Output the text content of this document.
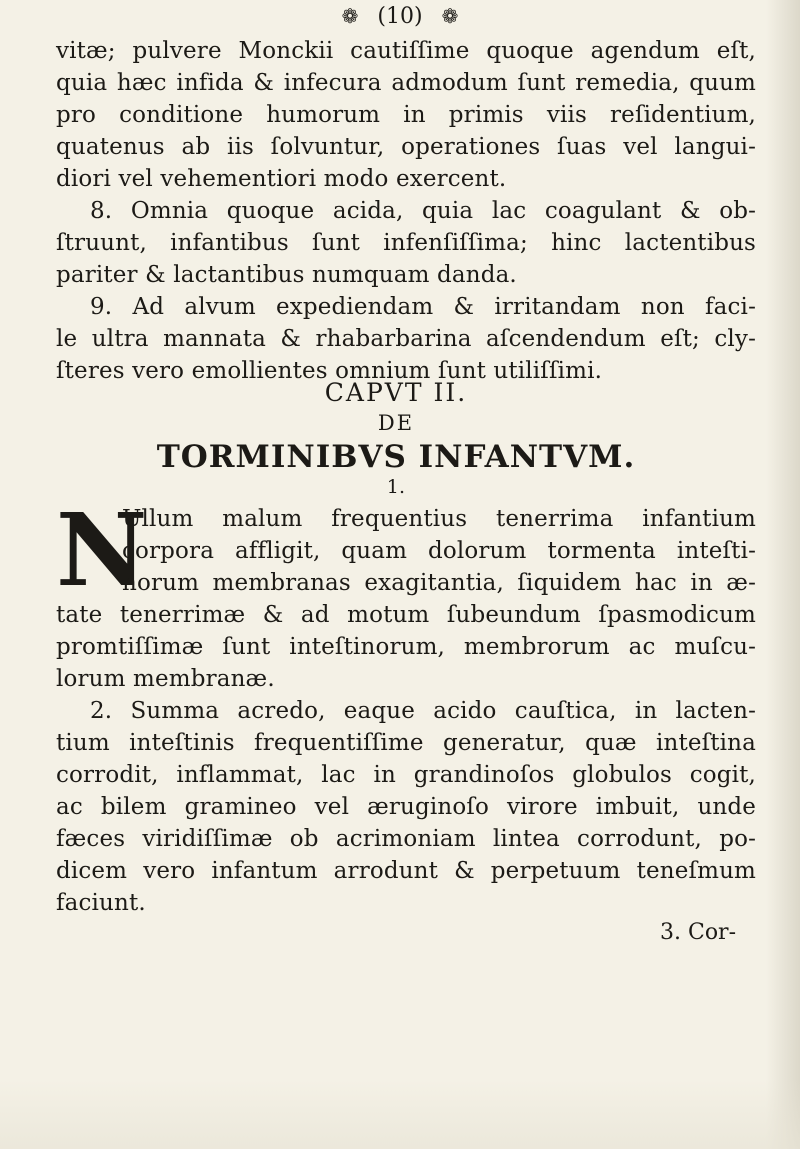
❁ (10) ❁
vitæ; pulvere Monckii cautiſſime quoque agendum eſt,
quia hæc infida & infecura admodum ſunt remedia, quum
pro conditione humorum in primis viis reſidentium,
quatenus ab iis ſolvuntur, operationes ſuas vel langui-
diori vel vehementiori modo exercent.
8. Omnia quoque acida, quia lac coagulant & ob-
ſtruunt, infantibus ſunt infenſiſſima; hinc lactentibus
pariter & lactantibus numquam danda.
9. Ad alvum expediendam & irritandam non faci-
le ultra mannata & rhabarbarina aſcendendum eſt; cly-
ſteres vero emollientes omnium ſunt utiliſſimi.
CAPVT II.
DE
TORMINIBVS INFANTVM.
1.
N
Ullum malum frequentius tenerrima infantium
corpora affligit, quam dolorum tormenta inteſti-
norum membranas exagitantia, ſiquidem hac in æ-
tate tenerrimæ & ad motum ſubeundum ſpasmodicum
promtiſſimæ ſunt inteſtinorum, membrorum ac muſcu-
lorum membranæ.
2. Summa acredo, eaque acido cauſtica, in lacten-
tium inteſtinis frequentiſſime generatur, quæ inteſtina
corrodit, inflammat, lac in grandinoſos globulos cogit,
ac bilem gramineo vel æruginoſo virore imbuit, unde
fæces viridiſſimæ ob acrimoniam lintea corrodunt, po-
dicem vero infantum arrodunt & perpetuum teneſmum
faciunt.
3. Cor-
